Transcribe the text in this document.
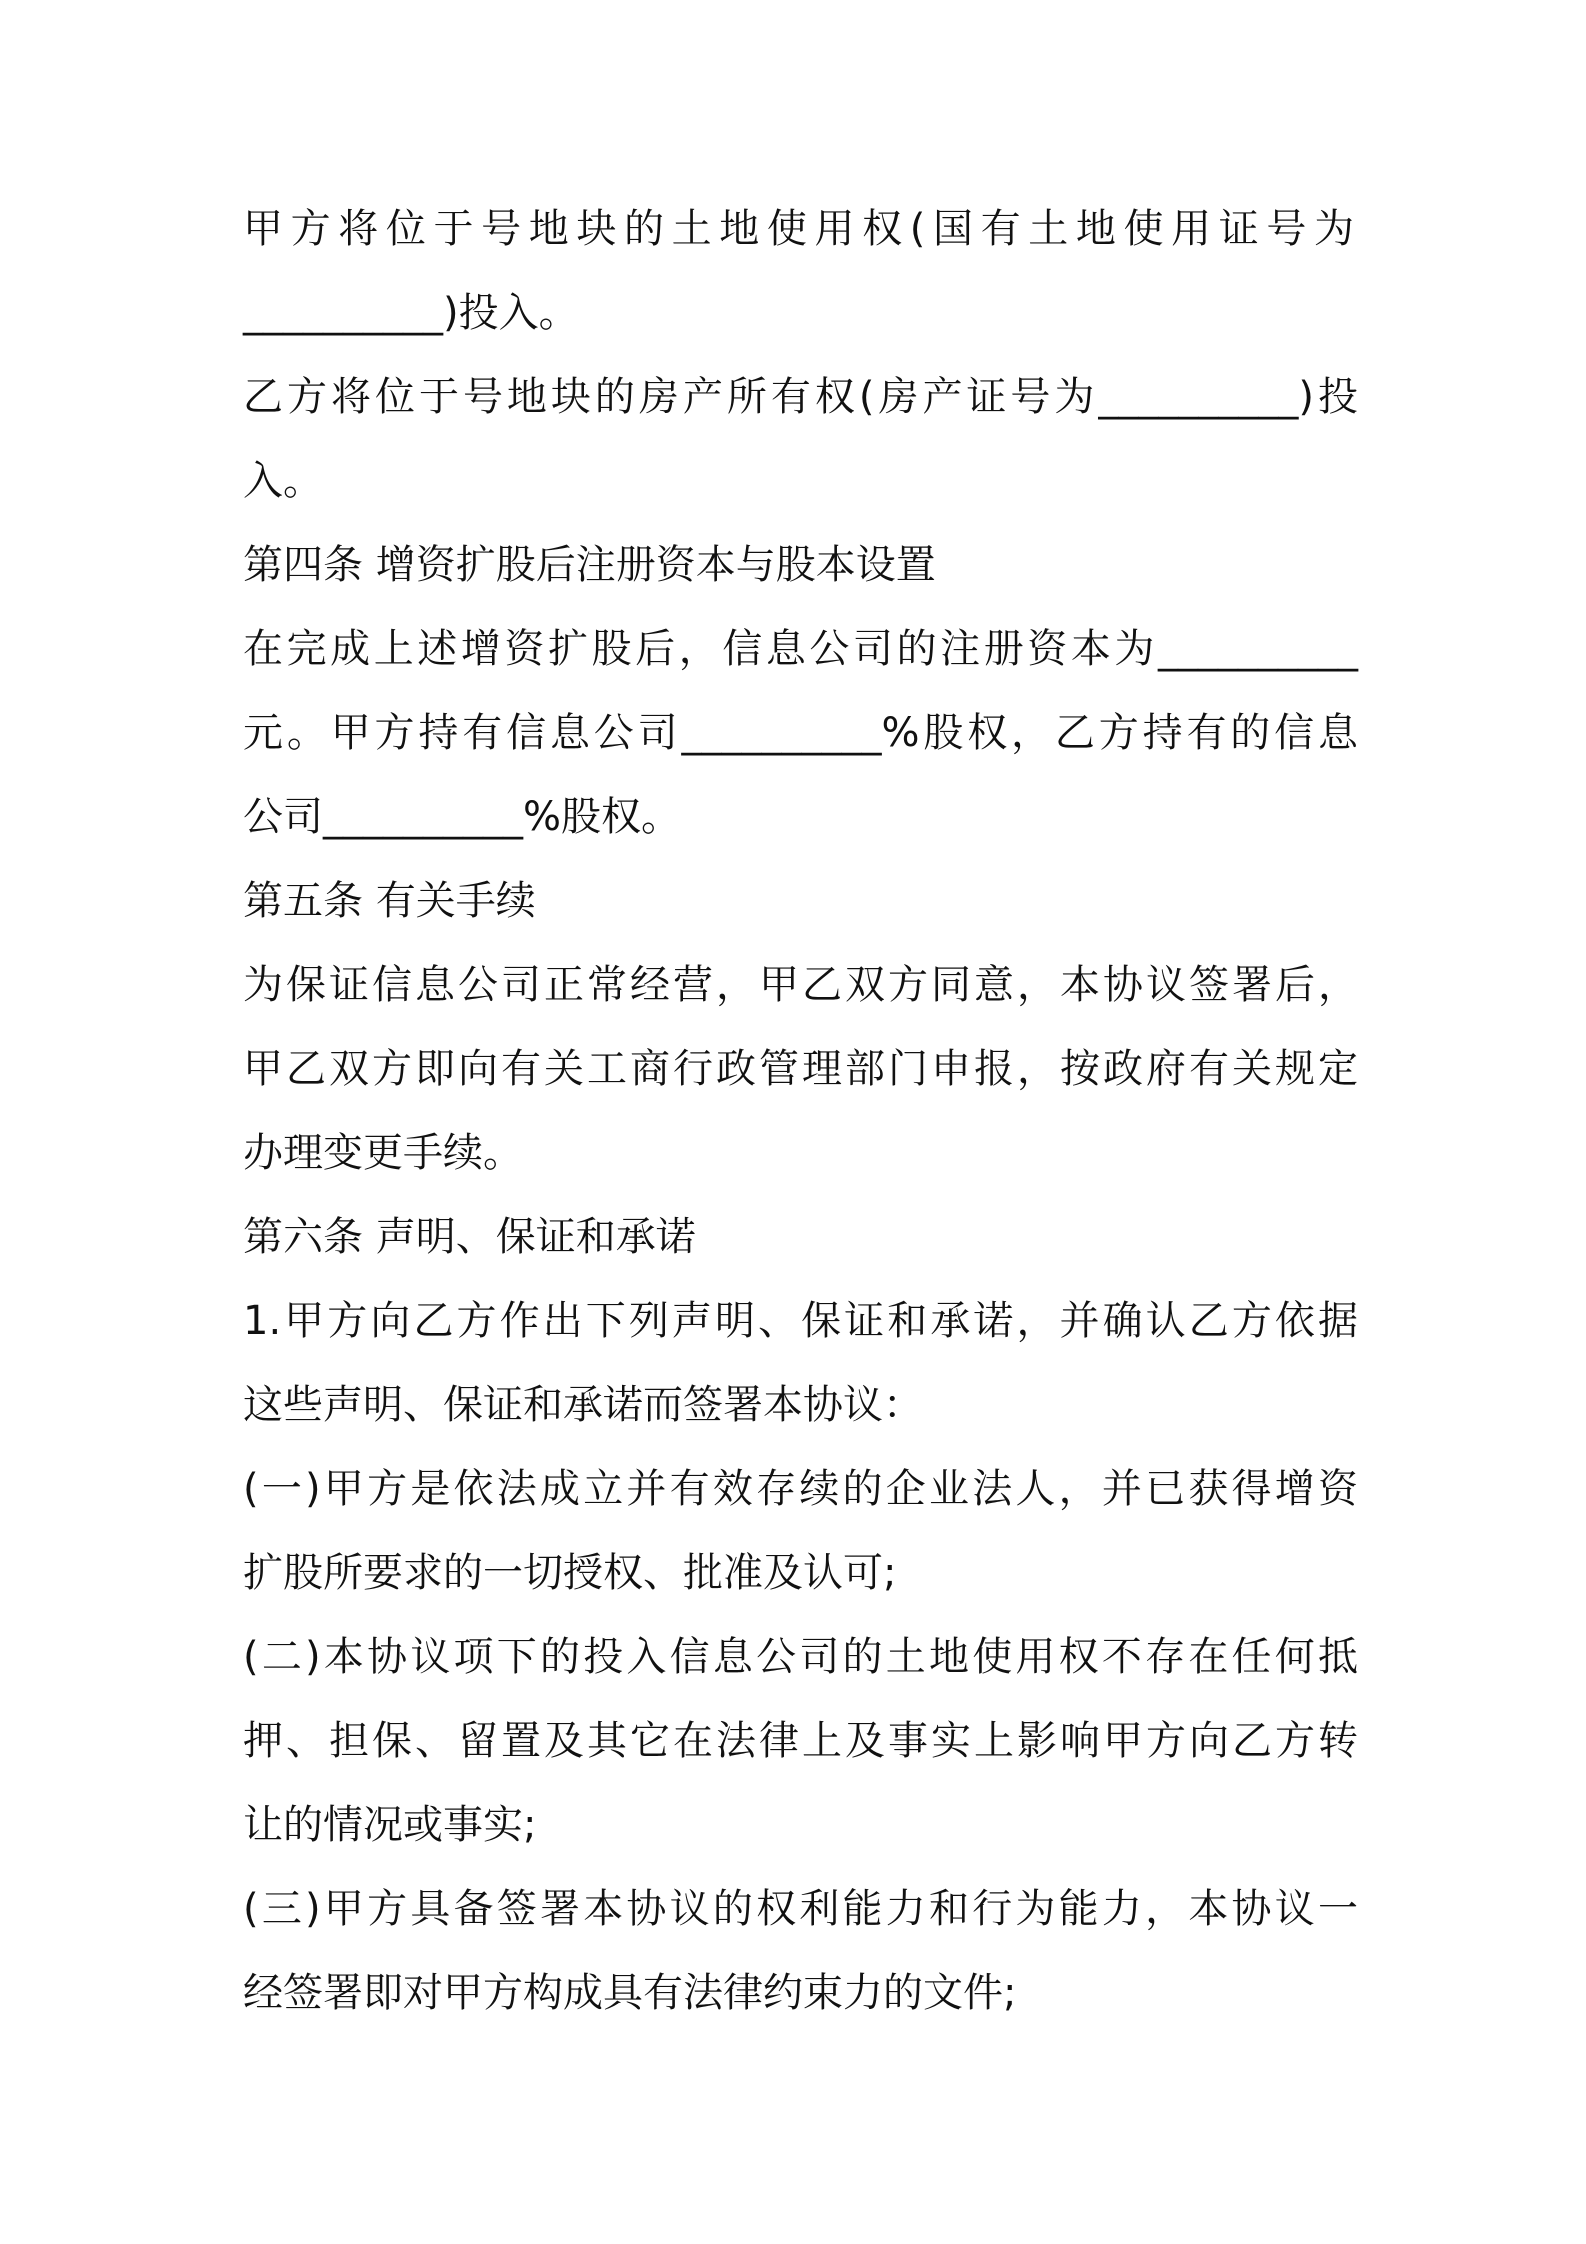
甲方将位于号地块的土地使用权(国有土地使用证号为
__________)投入。
乙方将位于号地块的房产所有权(房产证号为__________)投
入。
第四条 增资扩股后注册资本与股本设置
在完成上述增资扩股后，信息公司的注册资本为__________
元。甲方持有信息公司__________%股权，乙方持有的信息
公司__________%股权。
第五条 有关手续
为保证信息公司正常经营，甲乙双方同意，本协议签署后，
甲乙双方即向有关工商行政管理部门申报，按政府有关规定
办理变更手续。
第六条 声明、保证和承诺
1.甲方向乙方作出下列声明、保证和承诺，并确认乙方依据
这些声明、保证和承诺而签署本协议：
(一)甲方是依法成立并有效存续的企业法人，并已获得增资
扩股所要求的一切授权、批准及认可;
(二)本协议项下的投入信息公司的土地使用权不存在任何抵
押、担保、留置及其它在法律上及事实上影响甲方向乙方转
让的情况或事实;
(三)甲方具备签署本协议的权利能力和行为能力，本协议一
经签署即对甲方构成具有法律约束力的文件;
